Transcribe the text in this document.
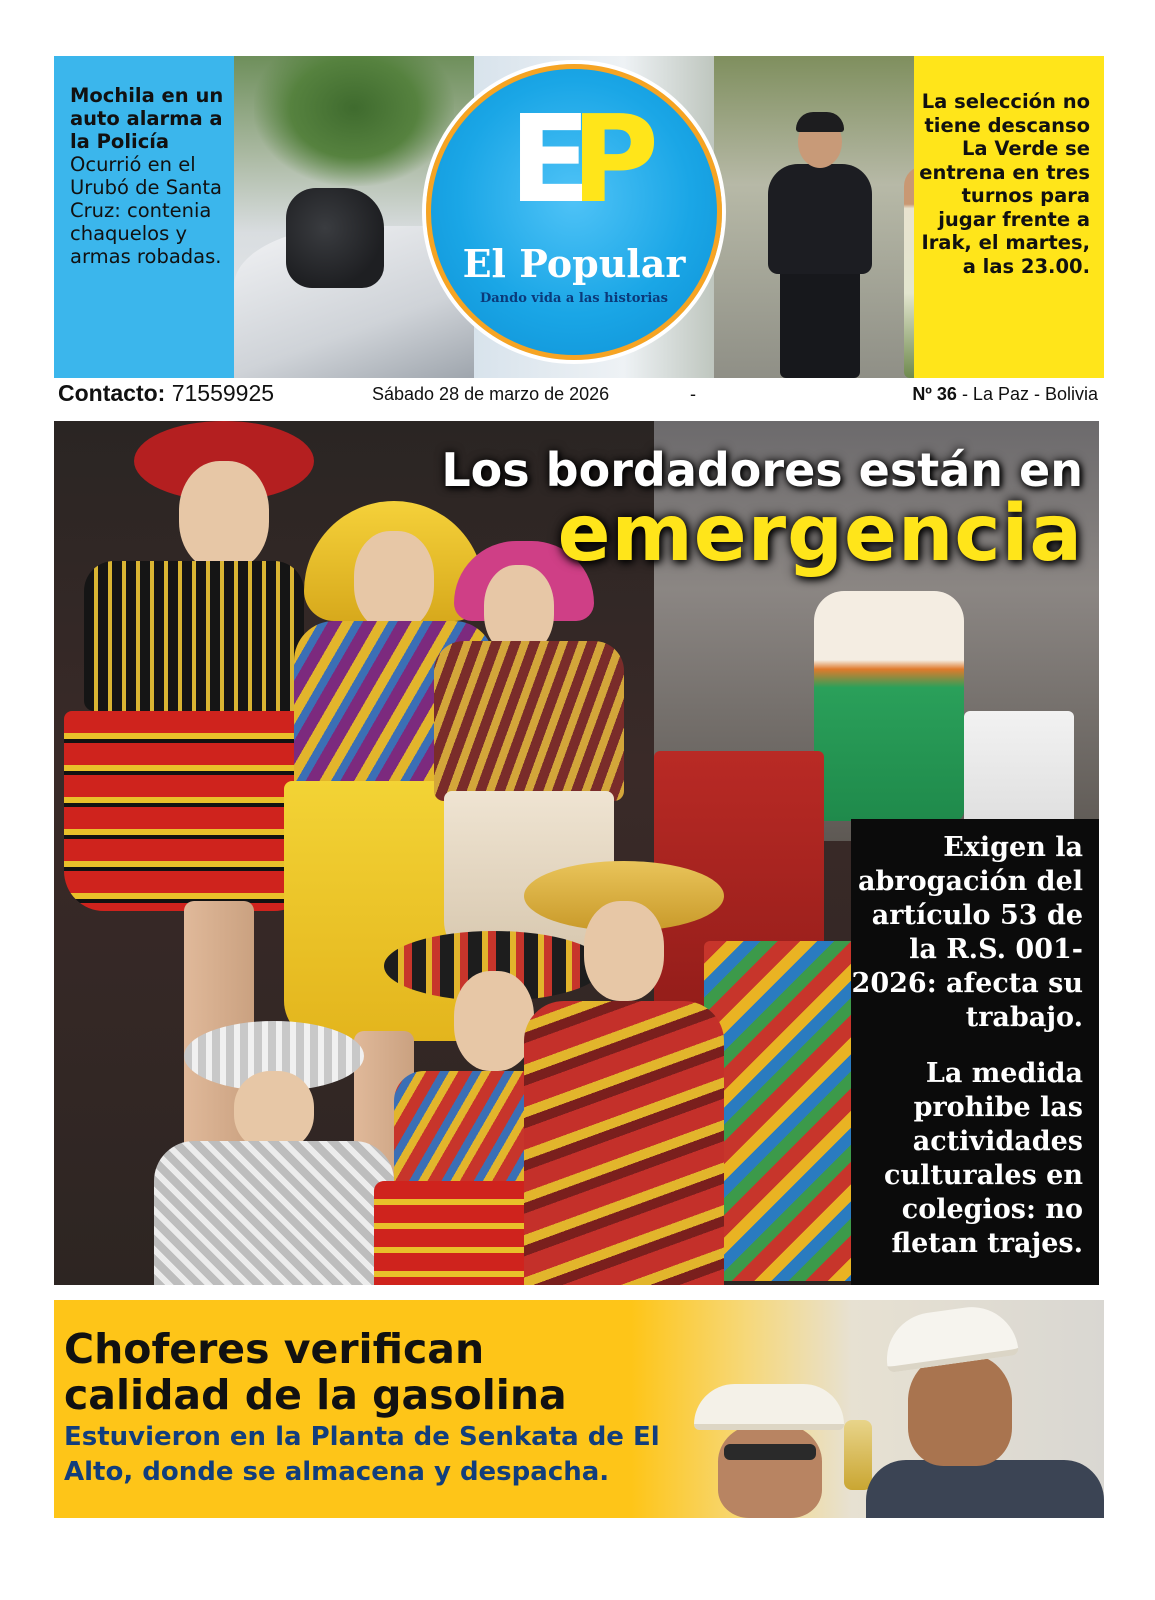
Mochila en un auto alarma a la Policía
Ocurrió en el Urubó de Santa Cruz: contenia chaquelos y armas robadas.
La selección no tiene descanso
La Verde se entrena en tres turnos para jugar frente a Irak, el martes, a las 23.00.
EP
El Popular
Dando vida a las historias
Contacto: 71559925	Sábado 28 de marzo de 2026	-	Nº 36 - La Paz - Bolivia
Los bordadores están en
emergencia
Exigen la abrogación del artículo 53 de la R.S. 001-2026: afecta su trabajo.
La medida prohibe las actividades culturales en colegios: no fletan trajes.
Choferes verifican calidad de la gasolina
Estuvieron en la Planta de Senkata de El Alto, donde se almacena y despacha.
